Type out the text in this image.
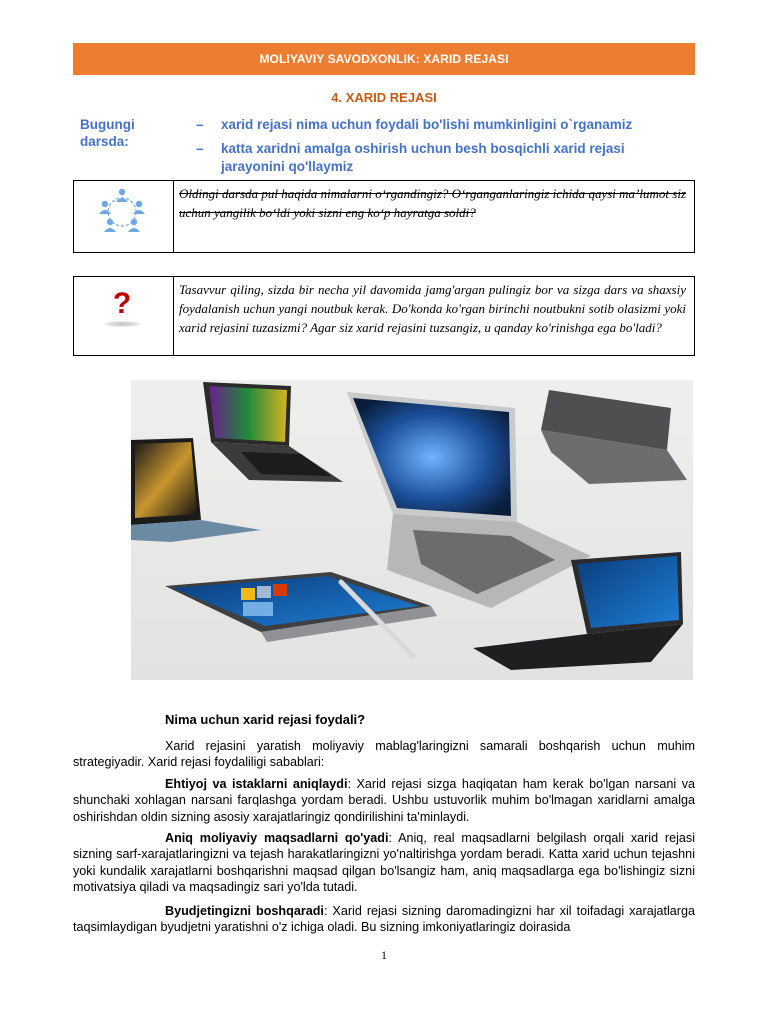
MOLIYAVIY SAVODXONLIK: XARID REJASI
4. XARID REJASI
Bugungi darsda:
–	xarid rejasi nima uchun foydali bo'lishi mumkinligini o`rganamiz
–	katta xaridni amalga oshirish uchun besh bosqichli xarid rejasi jarayonini qo'llaymiz
Oldingi darsda pul haqida nimalarni o‘rgandingiz? O‘rganganlaringiz ichida qaysi ma’lumot siz uchun yangilik bo‘ldi yoki sizni eng ko‘p hayratga soldi?
?	Tasavvur qiling, sizda bir necha yil davomida jamg'argan pulingiz bor va sizga dars va shaxsiy foydalanish uchun yangi noutbuk kerak. Do'konda ko'rgan birinchi noutbukni sotib olasizmi yoki xarid rejasini tuzasizmi? Agar siz xarid rejasini tuzsangiz, u qanday ko'rinishga ega bo'ladi?
Nima uchun xarid rejasi foydali?

Xarid rejasini yaratish moliyaviy mablag'laringizni samarali boshqarish uchun muhim strategiyadir. Xarid rejasi foydaliligi sabablari:

Ehtiyoj va istaklarni aniqlaydi: Xarid rejasi sizga haqiqatan ham kerak bo'lgan narsani va shunchaki xohlagan narsani farqlashga yordam beradi. Ushbu ustuvorlik muhim bo'lmagan xaridlarni amalga oshirishdan oldin sizning asosiy xarajatlaringiz qondirilishini ta'minlaydi.

Aniq moliyaviy maqsadlarni qo'yadi: Aniq, real maqsadlarni belgilash orqali xarid rejasi sizning sarf-xarajatlaringizni va tejash harakatlaringizni yo'naltirishga yordam beradi. Katta xarid uchun tejashni yoki kundalik xarajatlarni boshqarishni maqsad qilgan bo'lsangiz ham, aniq maqsadlarga ega bo'lishingiz sizni motivatsiya qiladi va maqsadingiz sari yo'lda tutadi.

Byudjetingizni boshqaradi: Xarid rejasi sizning daromadingizni har xil toifadagi xarajatlarga taqsimlaydigan byudjetni yaratishni o'z ichiga oladi. Bu sizning imkoniyatlaringiz doirasida

1
